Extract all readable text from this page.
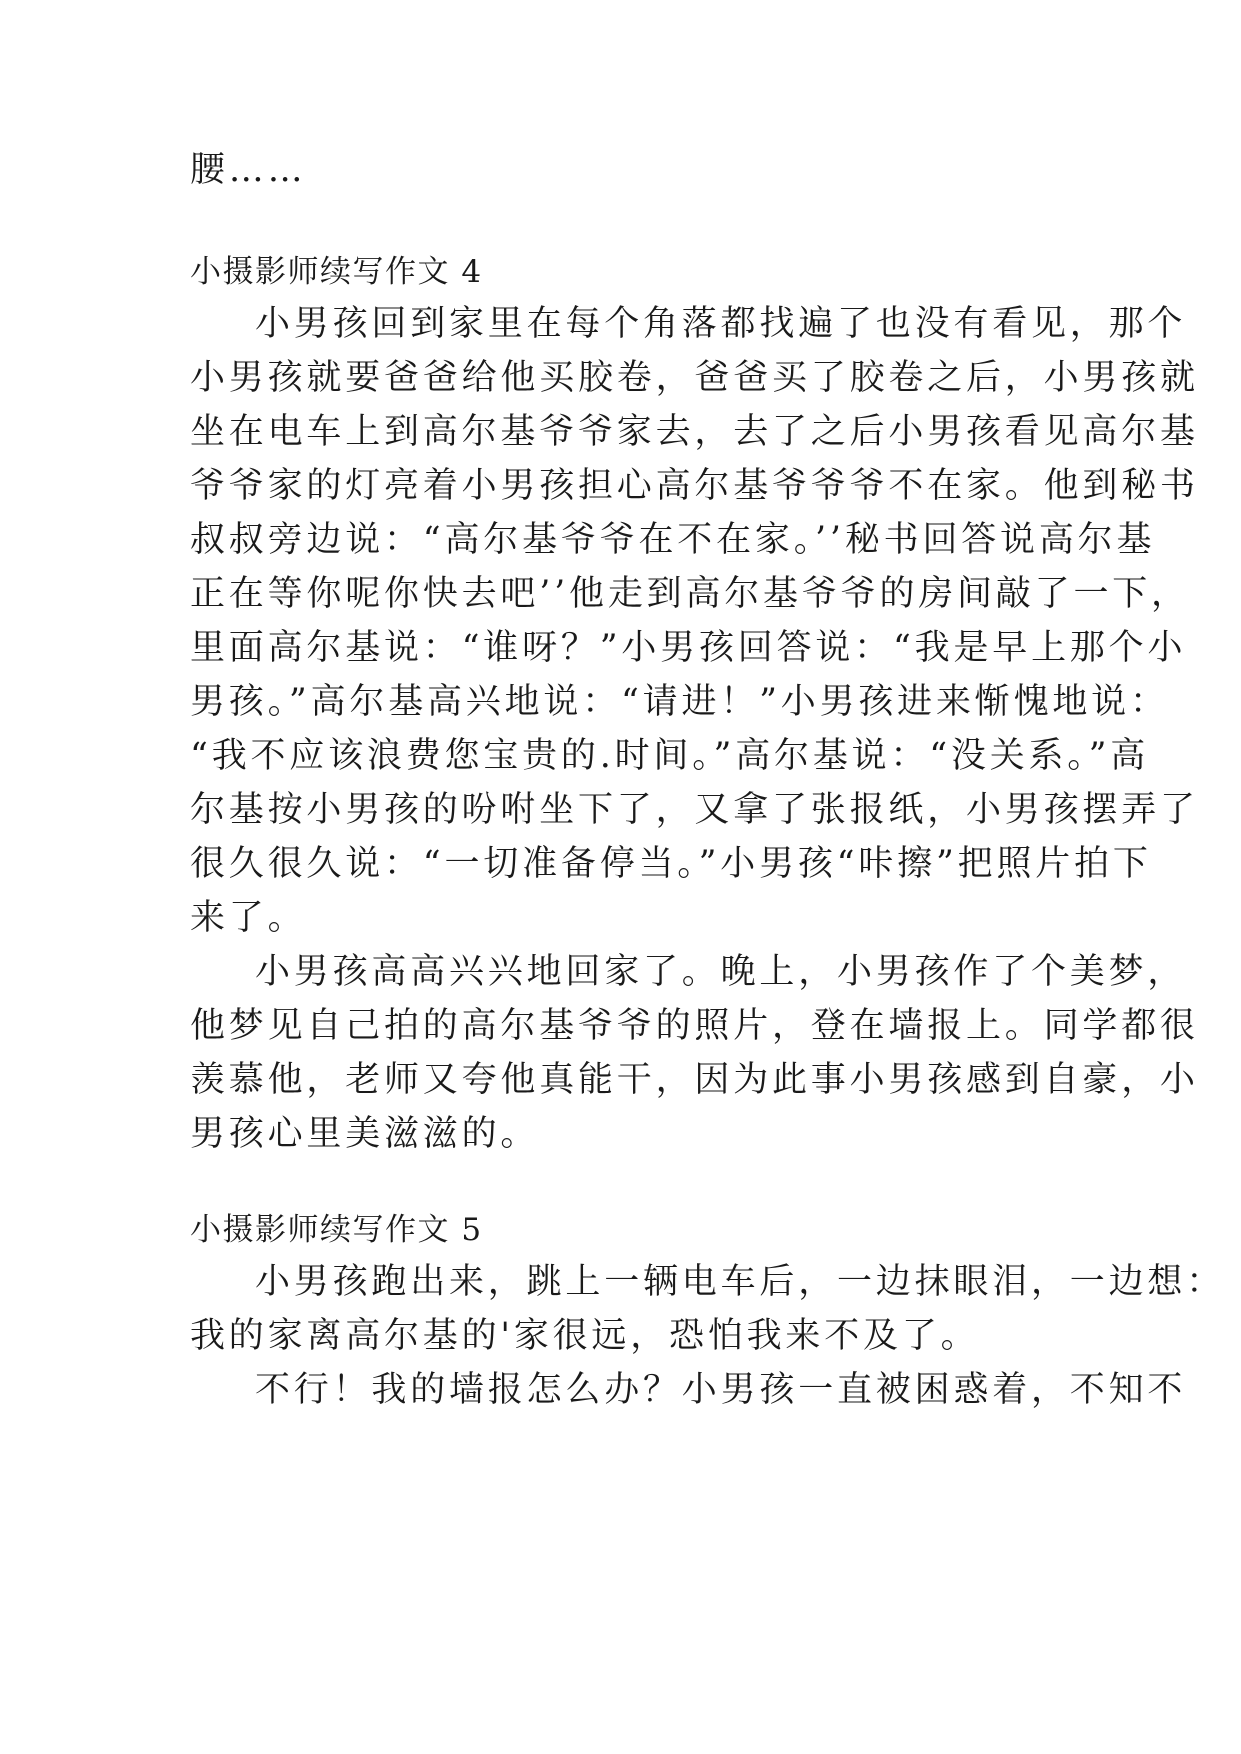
腰……
小摄影师续写作文 4
小男孩回到家里在每个角落都找遍了也没有看见，那个
小男孩就要爸爸给他买胶卷，爸爸买了胶卷之后，小男孩就
坐在电车上到高尔基爷爷家去，去了之后小男孩看见高尔基
爷爷家的灯亮着小男孩担心高尔基爷爷爷不在家。他到秘书
叔叔旁边说：“高尔基爷爷在不在家。’’秘书回答说高尔基
正在等你呢你快去吧’’他走到高尔基爷爷的房间敲了一下，
里面高尔基说：“谁呀？”小男孩回答说：“我是早上那个小
男孩。”高尔基高兴地说：“请进！”小男孩进来惭愧地说：
“我不应该浪费您宝贵的.时间。”高尔基说：“没关系。”高
尔基按小男孩的吩咐坐下了，又拿了张报纸，小男孩摆弄了
很久很久说：“一切准备停当。”小男孩“咔擦”把照片拍下
来了。
小男孩高高兴兴地回家了。晚上，小男孩作了个美梦，
他梦见自己拍的高尔基爷爷的照片，登在墙报上。同学都很
羡慕他，老师又夸他真能干，因为此事小男孩感到自豪，小
男孩心里美滋滋的。
小摄影师续写作文 5
小男孩跑出来，跳上一辆电车后，一边抹眼泪，一边想：
我的家离高尔基的'家很远，恐怕我来不及了。
不行！我的墙报怎么办？小男孩一直被困惑着，不知不
